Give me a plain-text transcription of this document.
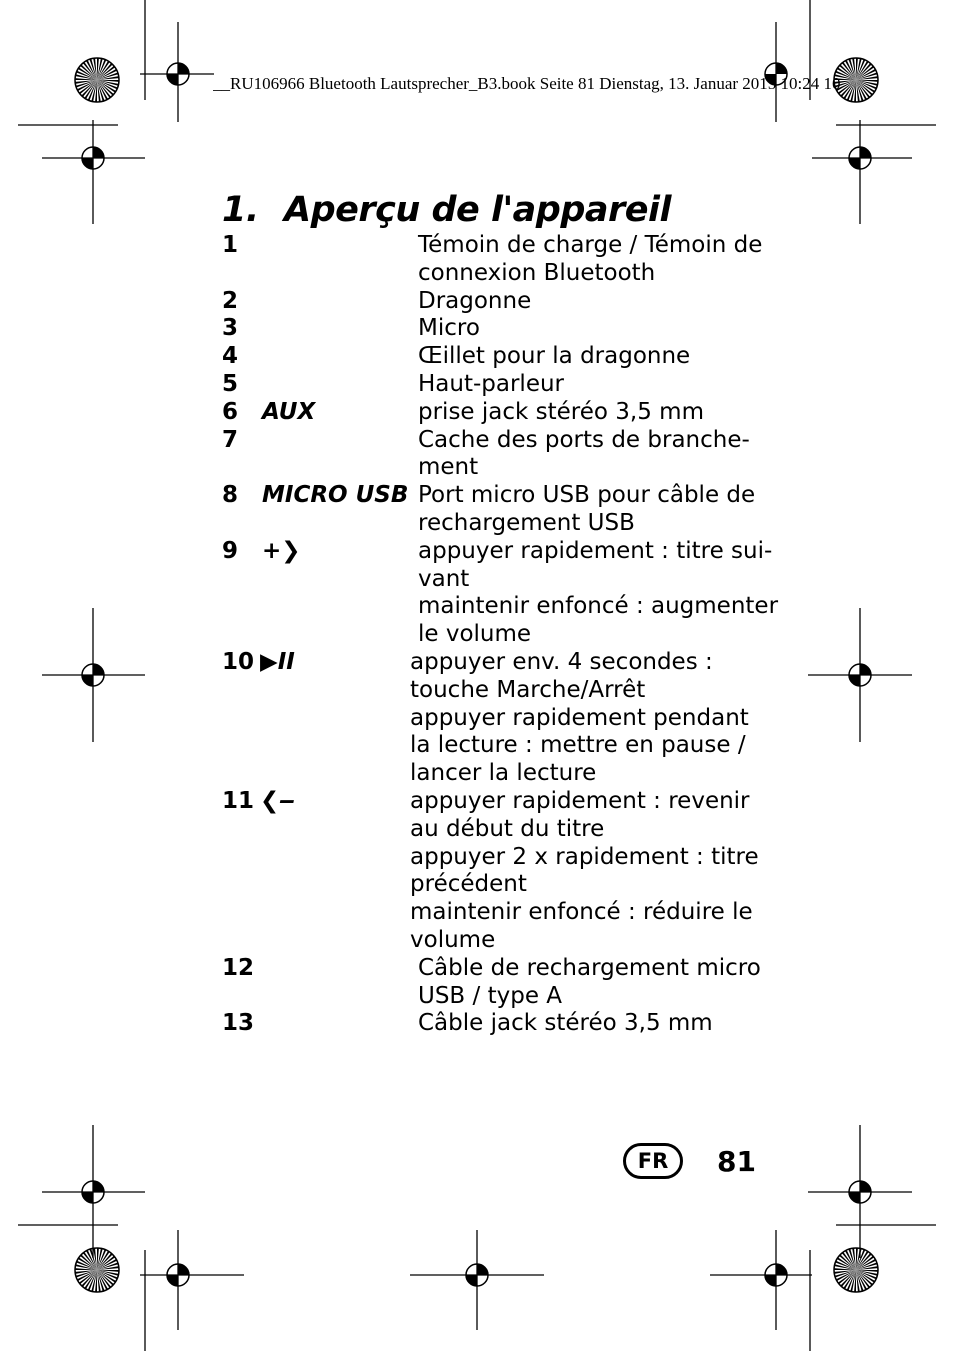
__RU106966 Bluetooth Lautsprecher_B3.book Seite 81 Dienstag, 13. Januar 2015 10:24 10
1. Aperçu de l'appareil
1	Témoin de charge / Témoin de
connexion Bluetooth
2	Dragonne
3	Micro
4	Œillet pour la dragonne
5	Haut-parleur
6	AUX	prise jack stéréo 3,5 mm
7	Cache des ports de branche-
ment
8	MICRO USB Port micro USB pour câble de
rechargement USB
9	+❯	appuyer rapidement : titre sui-
vant
maintenir enfoncé : augmenter
le volume
10 ▶II	appuyer env. 4 secondes :
touche Marche/Arrêt
appuyer rapidement pendant
la lecture : mettre en pause /
lancer la lecture
11 ❮‒	appuyer rapidement : revenir
au début du titre
appuyer 2 x rapidement : titre
précédent
maintenir enfoncé : réduire le
volume
12	Câble de rechargement micro
USB / type A
13	Câble jack stéréo 3,5 mm
FR	81
